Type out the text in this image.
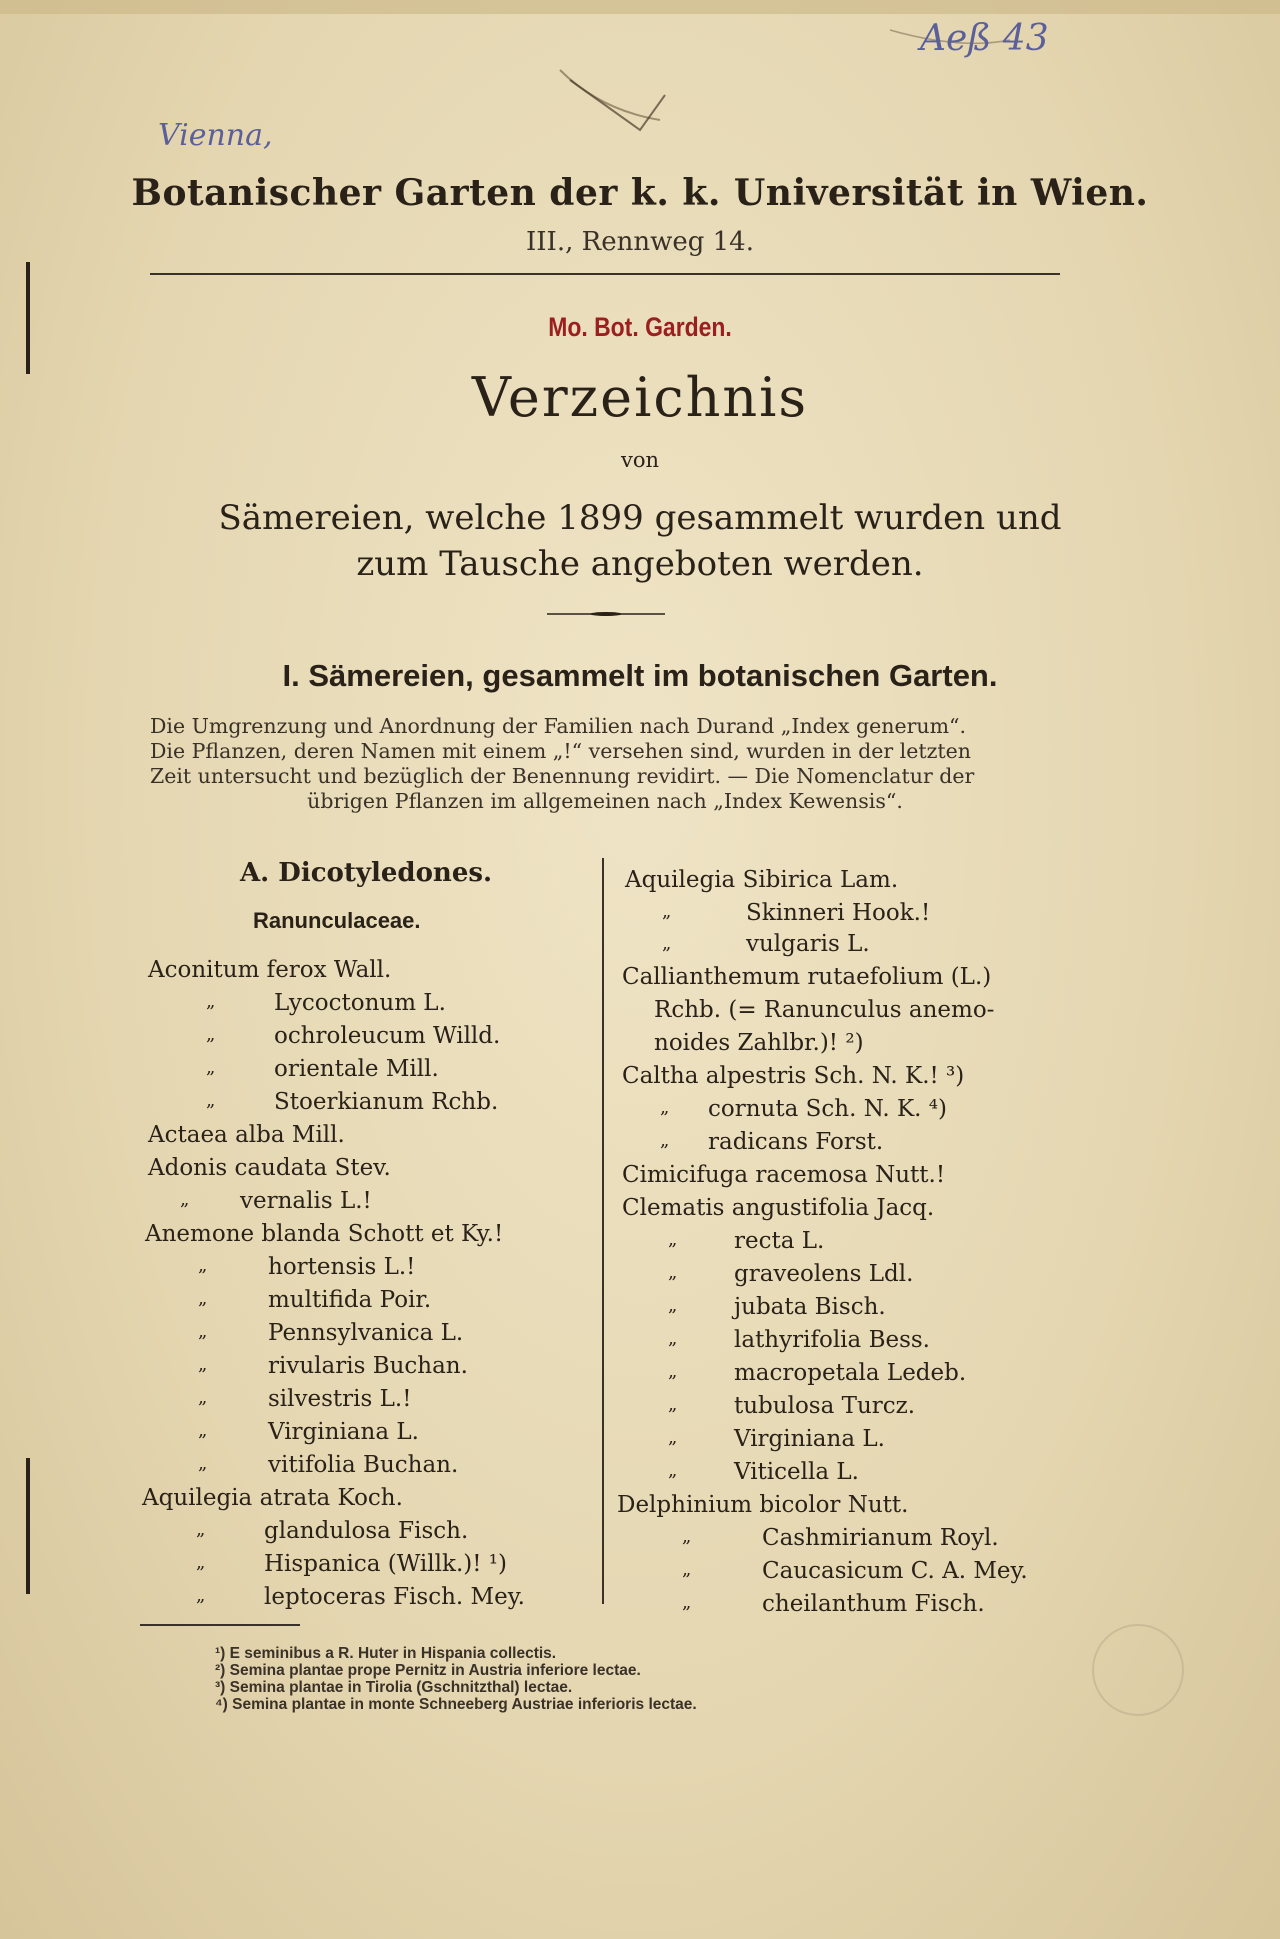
Vienna,
Aeß 43
Botanischer Garten der k. k. Universität in Wien.
III., Rennweg 14.
Mo. Bot. Garden.
Verzeichnis
von
Sämereien, welche 1899 gesammelt wurden und
zum Tausche angeboten werden.
I. Sämereien, gesammelt im botanischen Garten.
Die Umgrenzung und Anordnung der Familien nach Durand „Index generum“.
Die Pflanzen, deren Namen mit einem „!“ versehen sind, wurden in der letzten
Zeit untersucht und bezüglich der Benennung revidirt. — Die Nomenclatur der
übrigen Pflanzen im allgemeinen nach „Index Kewensis“.
A. Dicotyledones.
Ranunculaceae.
Aconitum ferox Wall.
„	Lycoctonum L.
„	ochroleucum Willd.
„	orientale Mill.
„	Stoerkianum Rchb.
Actaea alba Mill.
Adonis caudata Stev.
„ vernalis L.!
Anemone blanda Schott et Ky.!
„	hortensis L.!
„	multifida Poir.
„	Pennsylvanica L.
„	rivularis Buchan.
„	silvestris L.!
„	Virginiana L.
„	vitifolia Buchan.
Aquilegia atrata Koch.
„	glandulosa Fisch.
„	Hispanica (Willk.)! ¹)
„	leptoceras Fisch. Mey.
Aquilegia Sibirica Lam.
„	Skinneri Hook.!
„	vulgaris L.
Callianthemum rutaefolium (L.)
Rchb. (= Ranunculus anemo-
noides Zahlbr.)! ²)
Caltha alpestris Sch. N. K.! ³)
„ cornuta Sch. N. K. ⁴)
„ radicans Forst.
Cimicifuga racemosa Nutt.!
Clematis angustifolia Jacq.
„ recta L.
„ graveolens Ldl.
„ jubata Bisch.
„ lathyrifolia Bess.
„ macropetala Ledeb.
„ tubulosa Turcz.
„ Virginiana L.
„ Viticella L.
Delphinium bicolor Nutt.
„	Cashmirianum Royl.
„	Caucasicum C. A. Mey.
„	cheilanthum Fisch.
¹) E seminibus a R. Huter in Hispania collectis.
²) Semina plantae prope Pernitz in Austria inferiore lectae.
³) Semina plantae in Tirolia (Gschnitzthal) lectae.
⁴) Semina plantae in monte Schneeberg Austriae inferioris lectae.
